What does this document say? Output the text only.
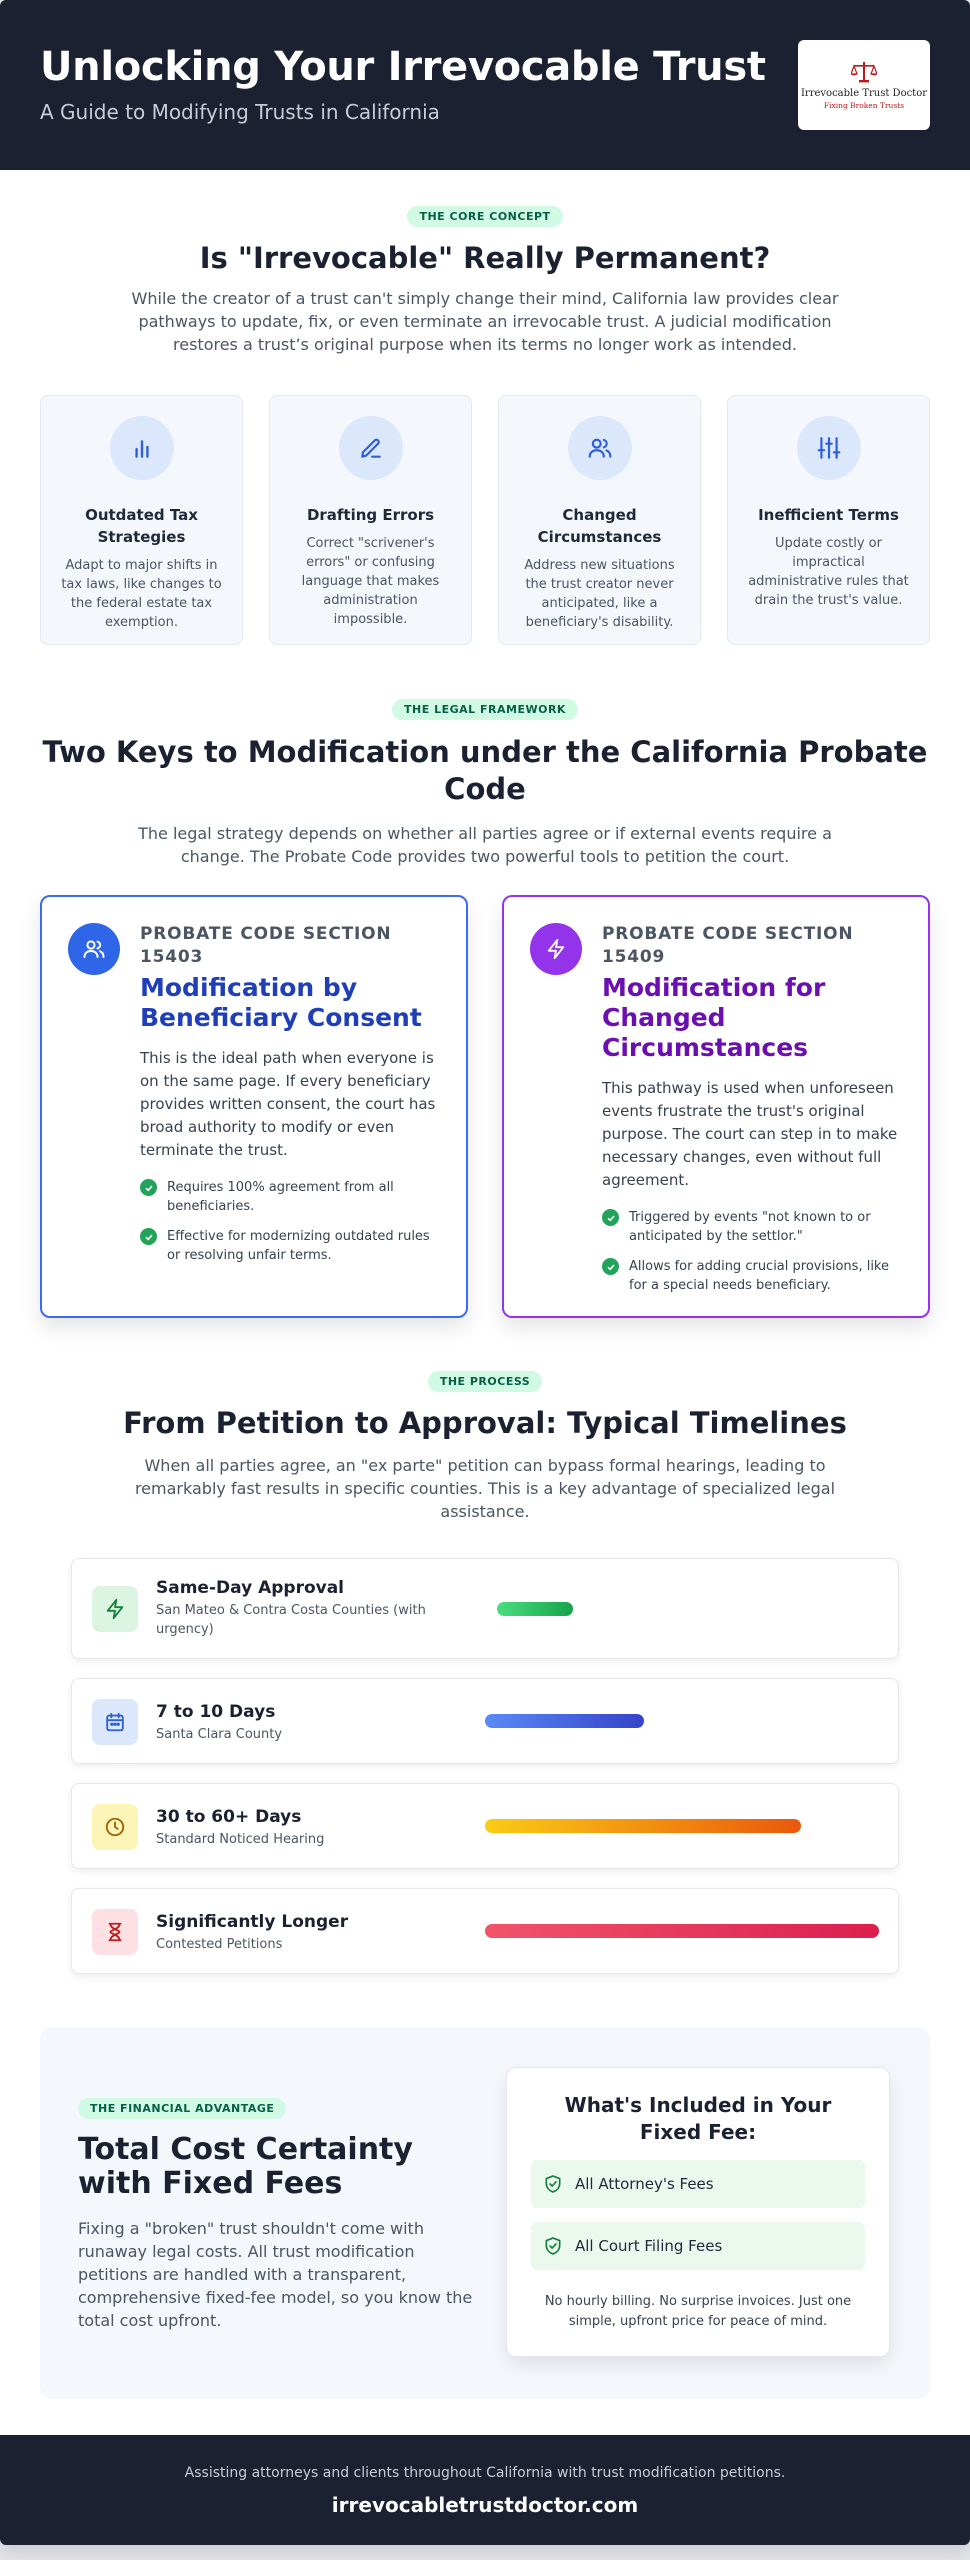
Unlocking Your Irrevocable Trust
A Guide to Modifying Trusts in California
Irrevocable Trust Doctor
Fixing Broken Trusts
THE CORE CONCEPT
Is "Irrevocable" Really Permanent?
While the creator of a trust can't simply change their mind, California law provides clear pathways to update, fix, or even terminate an irrevocable trust. A judicial modification restores a trust’s original purpose when its terms no longer work as intended.
Outdated Tax Strategies

Adapt to major shifts in tax laws, like changes to the federal estate tax exemption.

Drafting Errors

Correct "scrivener's errors" or confusing language that makes administration impossible.

Changed Circumstances

Address new situations the trust creator never anticipated, like a beneficiary's disability.

Inefficient Terms

Update costly or impractical administrative rules that drain the trust's value.

THE LEGAL FRAMEWORK
Two Keys to Modification under the California Probate Code
The legal strategy depends on whether all parties agree or if external events require a change. The Probate Code provides two powerful tools to petition the court.
PROBATE CODE SECTION 15403
Modification by Beneficiary Consent
This is the ideal path when everyone is on the same page. If every beneficiary provides written consent, the court has broad authority to modify or even terminate the trust.
Requires 100% agreement from all beneficiaries.
Effective for modernizing outdated rules or resolving unfair terms.
PROBATE CODE SECTION 15409
Modification for Changed Circumstances
This pathway is used when unforeseen events frustrate the trust's original purpose. The court can step in to make necessary changes, even without full agreement.
Triggered by events "not known to or anticipated by the settlor."
Allows for adding crucial provisions, like for a special needs beneficiary.
THE PROCESS
From Petition to Approval: Typical Timelines
When all parties agree, an "ex parte" petition can bypass formal hearings, leading to remarkably fast results in specific counties. This is a key advantage of specialized legal assistance.
Same-Day Approval
San Mateo & Contra Costa Counties (with urgency)
7 to 10 Days
Santa Clara County
30 to 60+ Days
Standard Noticed Hearing
Significantly Longer
Contested Petitions
THE FINANCIAL ADVANTAGE
Total Cost Certainty with Fixed Fees

Fixing a "broken" trust shouldn't come with runaway legal costs. All trust modification petitions are handled with a transparent, comprehensive fixed-fee model, so you know the total cost upfront.

What's Included in Your Fixed Fee:
All Attorney's Fees
All Court Filing Fees
No hourly billing. No surprise invoices. Just one simple, upfront price for peace of mind.
Assisting attorneys and clients throughout California with trust modification petitions.
irrevocabletrustdoctor.com
